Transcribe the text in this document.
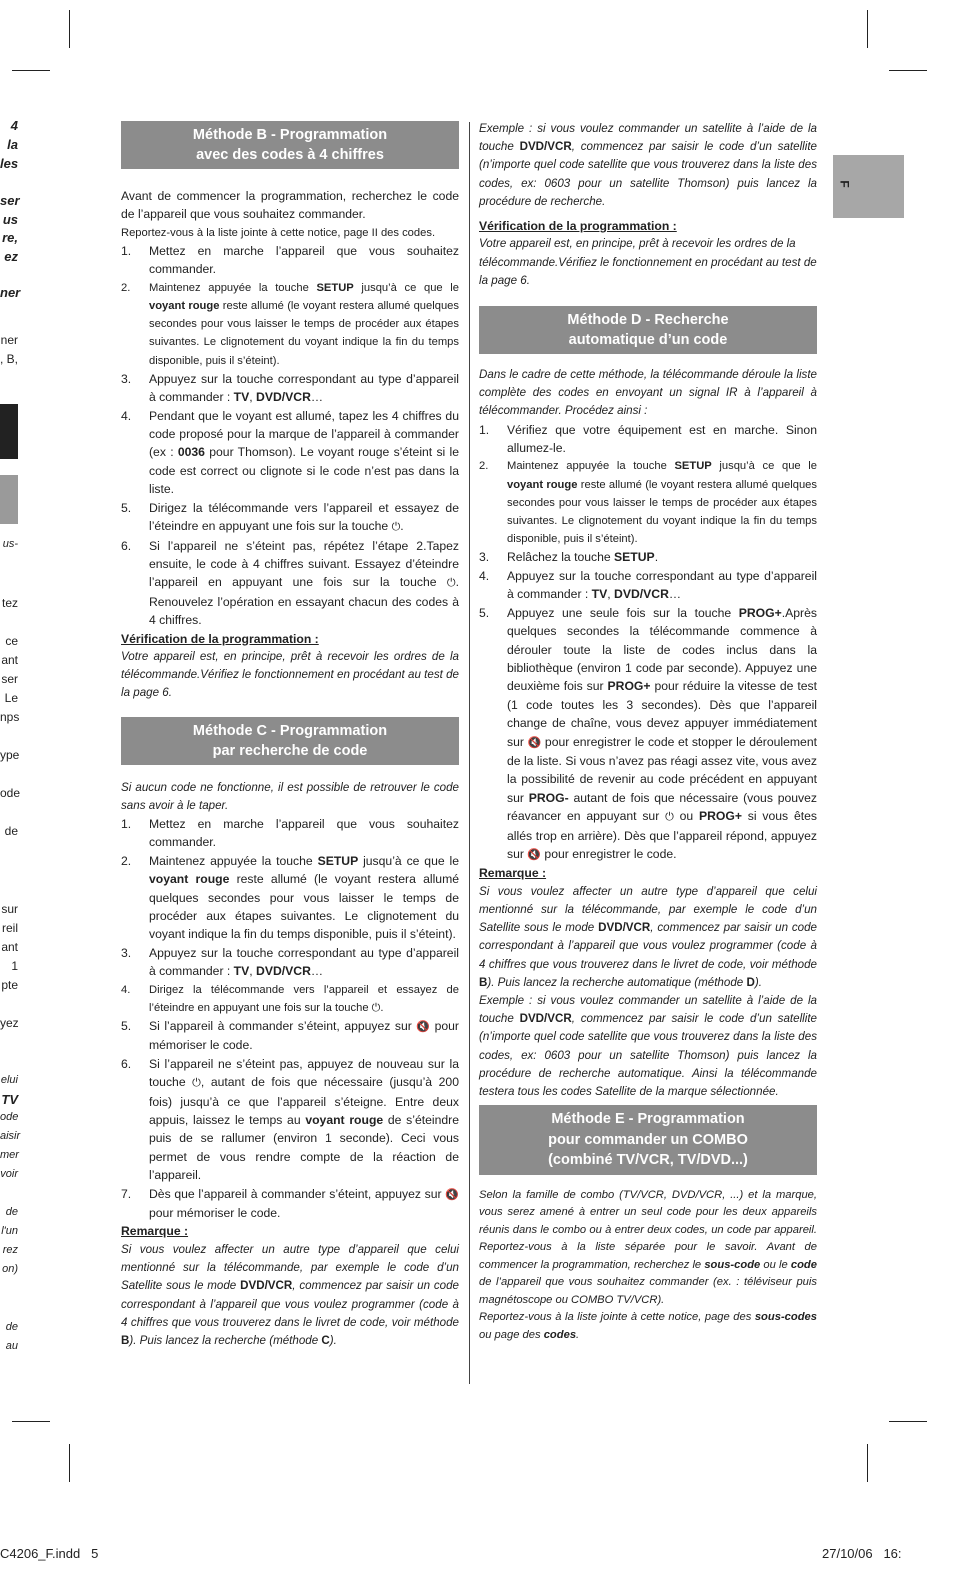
4
la
les
ser
us
re,
ez
ner
ner
, B,
us-
tez
ce
ant
ser
Le
nps
ype
ode
de
sur
reil
ant
1
pte
yez
elui
TV
ode
aisir
mer
voir
de
l'un
rez
on)
de
au
F
Méthode B - Programmation
avec des codes à 4 chiffres

Avant de commencer la programmation, recherchez le code de l’appareil que vous souhaitez commander.

Reportez-vous à la liste jointe à cette notice, page II des codes.

1. Mettez en marche l’appareil que vous souhaitez commander.
2. Maintenez appuyée la touche SETUP jusqu’à ce que le voyant rouge reste allumé (le voyant restera allumé quelques secondes pour vous laisser le temps de procéder aux étapes suivantes. Le clignotement du voyant indique la fin du temps disponible, puis il s’éteint).
3. Appuyez sur la touche correspondant au type d’appareil à commander : TV, DVD/VCR…
4. Pendant que le voyant est allumé, tapez les 4 chiffres du code proposé pour la marque de l’appareil à commander (ex : 0036 pour Thomson). Le voyant rouge s’éteint si le code est correct ou clignote si le code n’est pas dans la liste.
5. Dirigez la télécommande vers l’appareil et essayez de l’éteindre en appuyant une fois sur la touche ⏻.
6. Si l’appareil ne s’éteint pas, répétez l’étape 2.Tapez ensuite, le code à 4 chiffres suivant. Essayez d’éteindre l’appareil en appuyant une fois sur la touche ⏻. Renouvelez l’opération en essayant chacun des codes à 4 chiffres.

Vérification de la programmation :

Votre appareil est, en principe, prêt à recevoir les ordres de la télécommande.Vérifiez le fonctionnement en procédant au test de la page 6.

Méthode C - Programmation
par recherche de code

Si aucun code ne fonctionne, il est possible de retrouver le code sans avoir à le taper.

1. Mettez en marche l’appareil que vous souhaitez commander.
2. Maintenez appuyée la touche SETUP jusqu’à ce que le voyant rouge reste allumé (le voyant restera allumé quelques secondes pour vous laisser le temps de procéder aux étapes suivantes. Le clignotement du voyant indique la fin du temps disponible, puis il s’éteint).
3. Appuyez sur la touche correspondant au type d’appareil à commander : TV, DVD/VCR…
4. Dirigez la télécommande vers l’appareil et essayez de l’éteindre en appuyant une fois sur la touche ⏻.
5. Si l’appareil à commander s’éteint, appuyez sur 🔇 pour mémoriser le code.
6. Si l’appareil ne s’éteint pas, appuyez de nouveau sur la touche ⏻, autant de fois que nécessaire (jusqu’à 200 fois) jusqu’à ce que l’appareil s’éteigne. Entre deux appuis, laissez le temps au voyant rouge de s’éteindre puis de se rallumer (environ 1 seconde). Ceci vous permet de vous rendre compte de la réaction de l’appareil.
7. Dès que l’appareil à commander s’éteint, appuyez sur 🔇 pour mémoriser le code.

Remarque :

Si vous voulez affecter un autre type d’appareil que celui mentionné sur la télécommande, par exemple le code d’un Satellite sous le mode DVD/VCR, commencez par saisir un code correspondant à l’appareil que vous voulez programmer (code à 4 chiffres que vous trouverez dans le livret de code, voir méthode B). Puis lancez la recherche (méthode C).

Exemple : si vous voulez commander un satellite à l’aide de la touche DVD/VCR, commencez par saisir le code d’un satellite (n’importe quel code satellite que vous trouverez dans la liste des codes, ex: 0603 pour un satellite Thomson) puis lancez la procédure de recherche.

Vérification de la programmation :

Votre appareil est, en principe, prêt à recevoir les ordres de la télécommande.Vérifiez le fonctionnement en procédant au test de la page 6.

Méthode D - Recherche
automatique d’un code

Dans le cadre de cette méthode, la télécommande déroule la liste complète des codes en envoyant un signal IR à l’appareil à télécommander. Procédez ainsi :

1. Vérifiez que votre équipement est en marche. Sinon allumez-le.
2. Maintenez appuyée la touche SETUP jusqu’à ce que le voyant rouge reste allumé (le voyant restera allumé quelques secondes pour vous laisser le temps de procéder aux étapes suivantes. Le clignotement du voyant indique la fin du temps disponible, puis il s’éteint).
3. Relâchez la touche SETUP.
4. Appuyez sur la touche correspondant au type d’appareil à commander : TV, DVD/VCR…
5. Appuyez une seule fois sur la touche PROG+.Après quelques secondes la télécommande commence à dérouler toute la liste de codes inclus dans la bibliothèque (environ 1 code par seconde). Appuyez une deuxième fois sur PROG+ pour réduire la vitesse de test (1 code toutes les 3 secondes). Dès que l’appareil change de chaîne, vous devez appuyer immédiatement sur 🔇 pour enregistrer le code et stopper le déroulement de la liste. Si vous n’avez pas réagi assez vite, vous avez la possibilité de revenir au code précédent en appuyant sur PROG- autant de fois que nécessaire (vous pouvez réavancer en appuyant sur ⏻ ou PROG+ si vous êtes allés trop en arrière). Dès que l’appareil répond, appuyez sur 🔇 pour enregistrer le code.

Remarque :

Si vous voulez affecter un autre type d’appareil que celui mentionné sur la télécommande, par exemple le code d’un Satellite sous le mode DVD/VCR, commencez par saisir un code correspondant à l’appareil que vous voulez programmer (code à 4 chiffres que vous trouverez dans le livret de code, voir méthode B). Puis lancez la recherche automatique (méthode D).

Exemple : si vous voulez commander un satellite à l’aide de la touche DVD/VCR, commencez par saisir le code d’un satellite (n’importe quel code satellite que vous trouverez dans la liste des codes, ex: 0603 pour un satellite Thomson) puis lancez la procédure de recherche automatique. Ainsi la télécommande testera tous les codes Satellite de la marque sélectionnée.

Méthode E - Programmation
pour commander un COMBO
(combiné TV/VCR, TV/DVD...)

Selon la famille de combo (TV/VCR, DVD/VCR, ...) et la marque, vous serez amené à entrer un seul code pour les deux appareils réunis dans le combo ou à entrer deux codes, un code par appareil. Reportez-vous à la liste séparée pour le savoir. Avant de commencer la programmation, recherchez le sous-code ou le code de l’appareil que vous souhaitez commander (ex. : téléviseur puis magnétoscope ou COMBO TV/VCR).

Reportez-vous à la liste jointe à cette notice, page des sous-codes ou page des codes.

C4206_F.indd   5	27/10/06   16:
